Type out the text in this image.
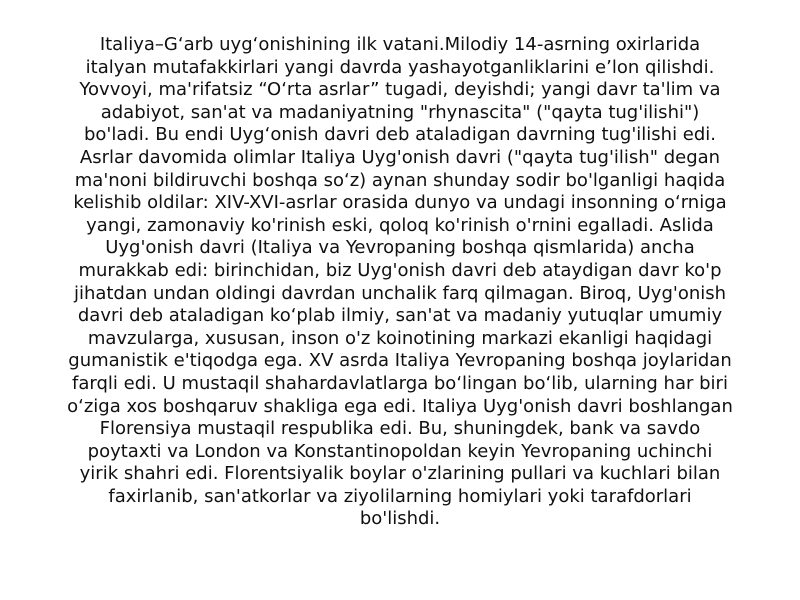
Italiya–G‘arb uyg‘onishining ilk vatani.Milodiy 14-asrning oxirlarida
italyan mutafakkirlari yangi davrda yashayotganliklarini e’lon qilishdi.
Yovvoyi, ma'rifatsiz “O‘rta asrlar” tugadi, deyishdi; yangi davr ta'lim va
adabiyot, san'at va madaniyatning "rhynascita" ("qayta tug'ilishi")
bo'ladi. Bu endi Uyg‘onish davri deb ataladigan davrning tug'ilishi edi.
Asrlar davomida olimlar Italiya Uyg'onish davri ("qayta tug'ilish" degan
ma'noni bildiruvchi boshqa so‘z) aynan shunday sodir bo'lganligi haqida
kelishib oldilar: XIV-XVI-asrlar orasida dunyo va undagi insonning o‘rniga
yangi, zamonaviy ko'rinish eski, qoloq ko'rinish o'rnini egalladi. Aslida
Uyg'onish davri (Italiya va Yevropaning boshqa qismlarida) ancha
murakkab edi: birinchidan, biz Uyg'onish davri deb ataydigan davr ko'p
jihatdan undan oldingi davrdan unchalik farq qilmagan. Biroq, Uyg'onish
davri deb ataladigan ko‘plab ilmiy, san'at va madaniy yutuqlar umumiy
mavzularga, xususan, inson o'z koinotining markazi ekanligi haqidagi
gumanistik e'tiqodga ega. XV asrda Italiya Yevropaning boshqa joylaridan
farqli edi. U mustaqil shahardavlatlarga bo‘lingan bo‘lib, ularning har biri
o‘ziga xos boshqaruv shakliga ega edi. Italiya Uyg'onish davri boshlangan
Florensiya mustaqil respublika edi. Bu, shuningdek, bank va savdo
poytaxti va London va Konstantinopoldan keyin Yevropaning uchinchi
yirik shahri edi. Florentsiyalik boylar o'zlarining pullari va kuchlari bilan
faxirlanib, san'atkorlar va ziyolilarning homiylari yoki tarafdorlari
bo'lishdi.
